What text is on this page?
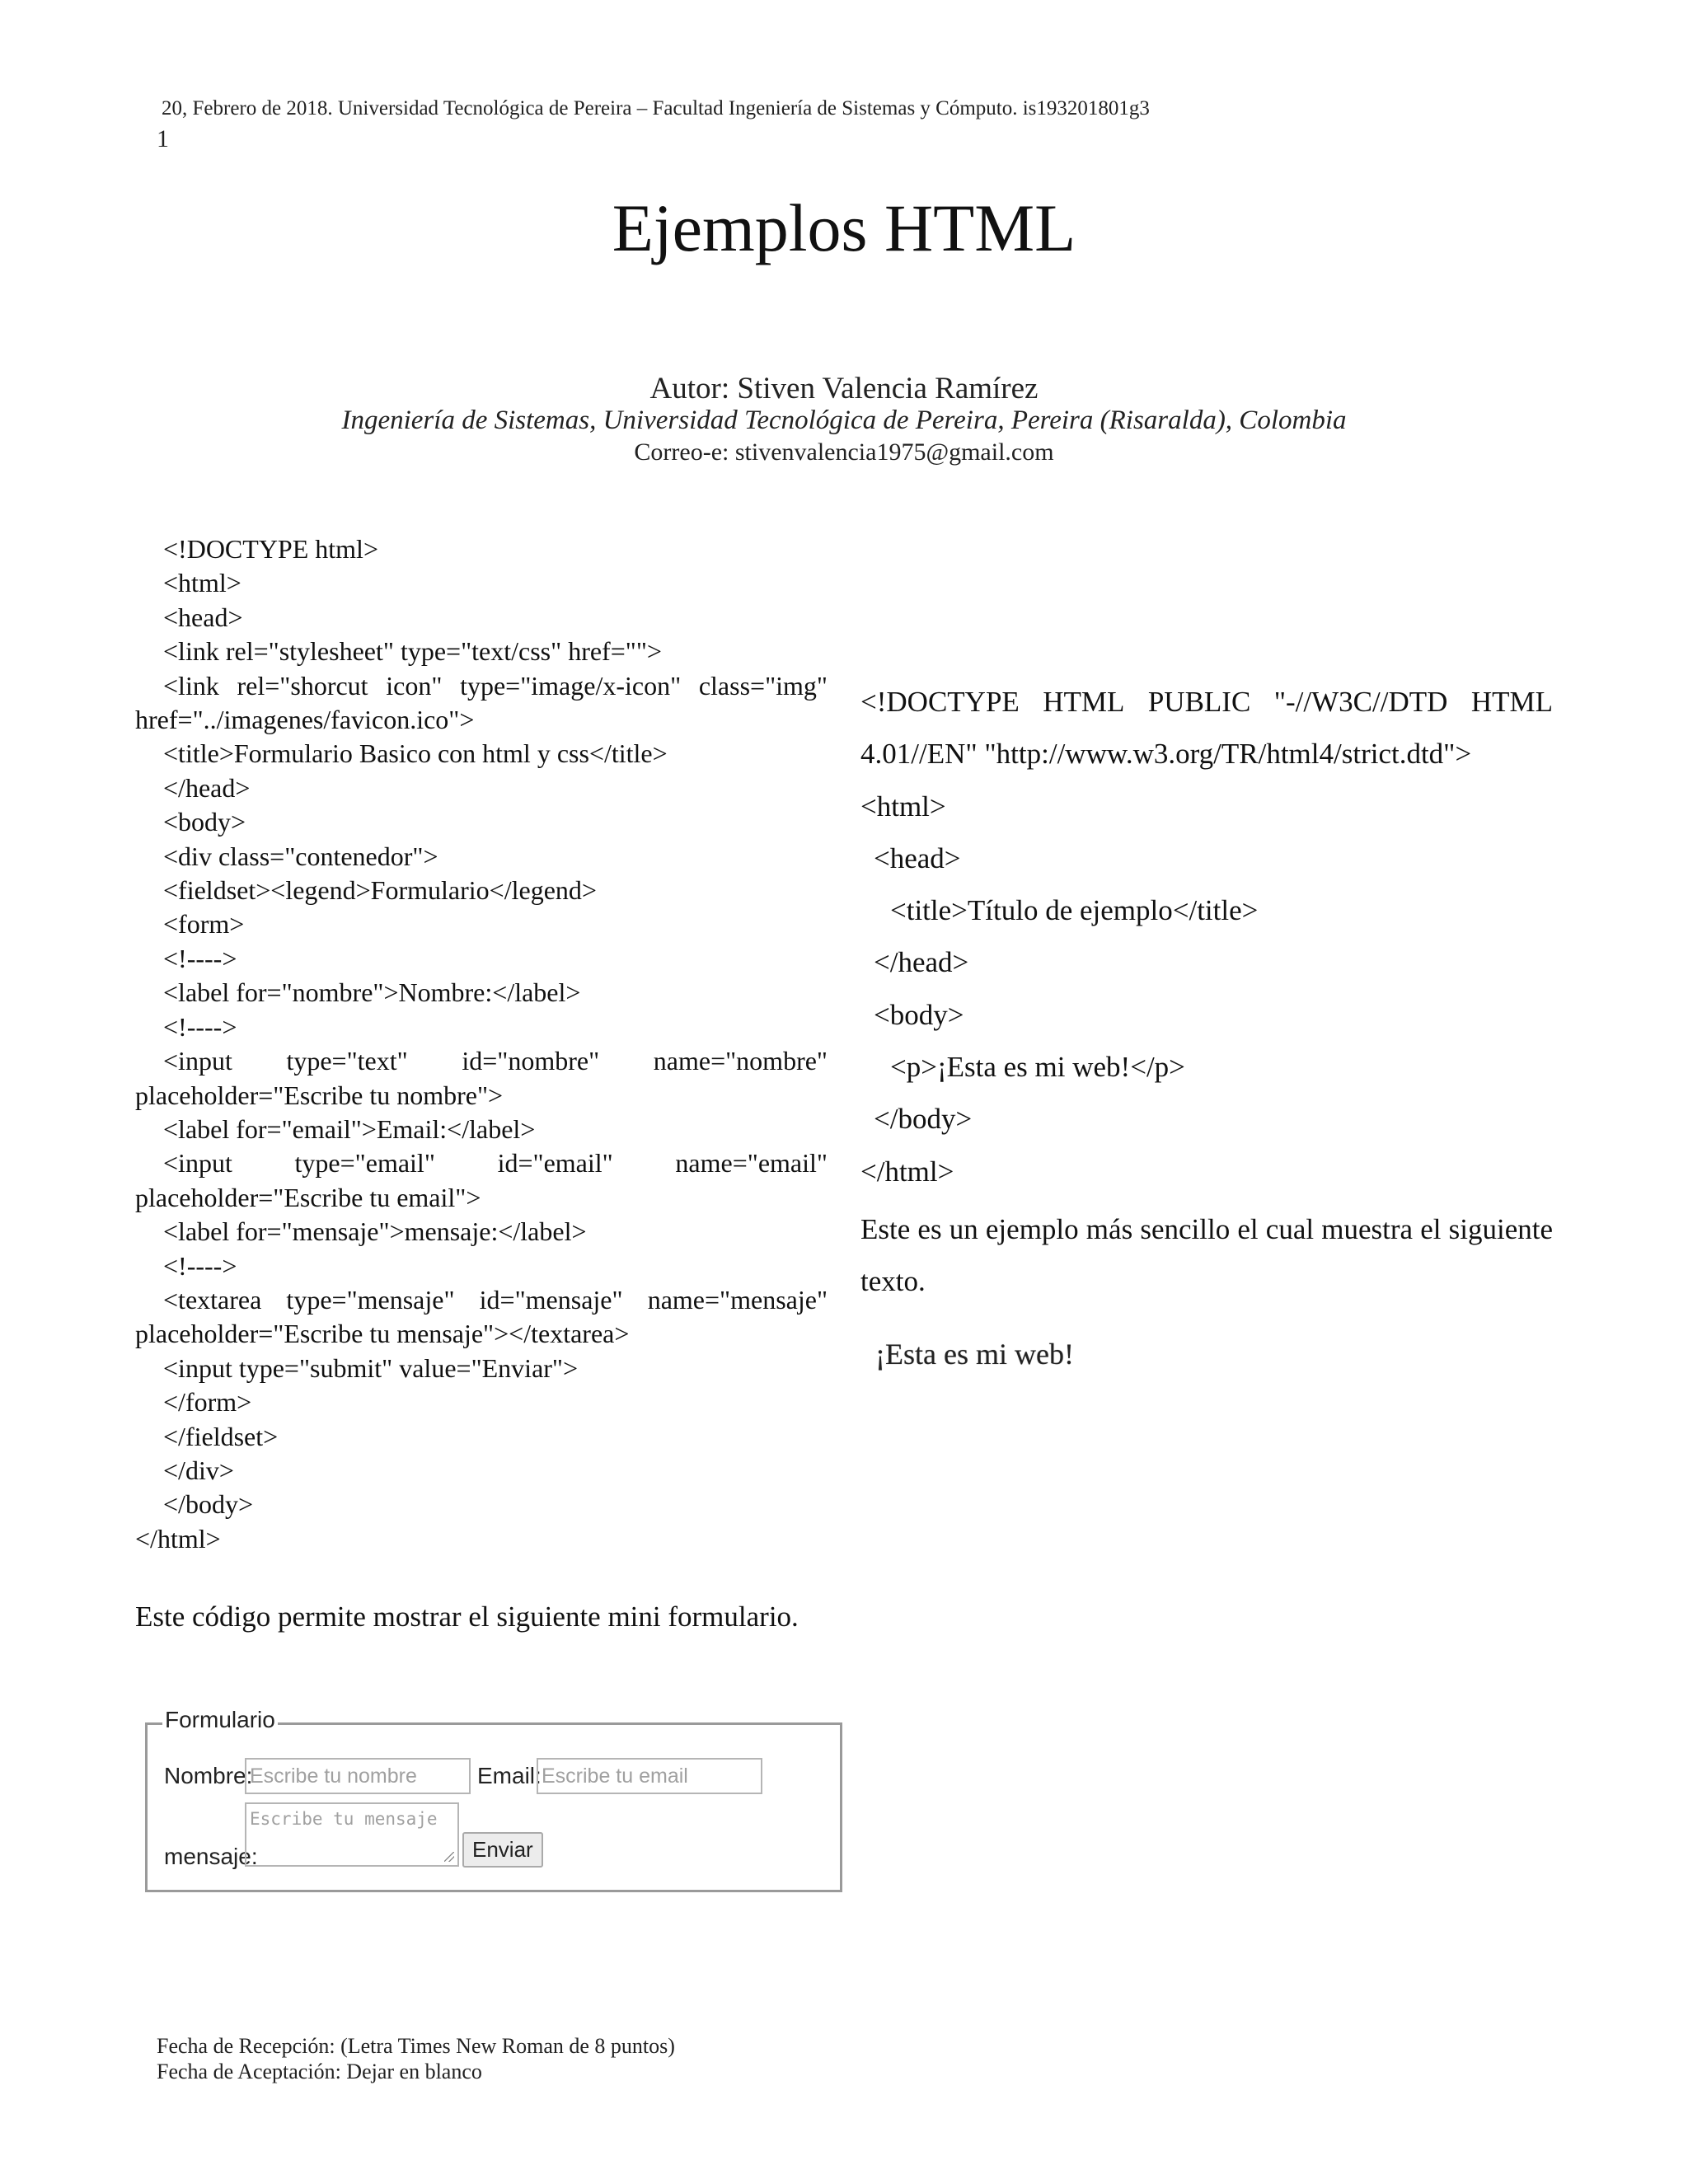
20, Febrero de 2018. Universidad Tecnológica de Pereira – Facultad Ingeniería de Sistemas y Cómputo. is193201801g3
1
Ejemplos HTML
Autor: Stiven Valencia Ramírez
Ingeniería de Sistemas, Universidad Tecnológica de Pereira, Pereira (Risaralda), Colombia
Correo-e: stivenvalencia1975@gmail.com
<!DOCTYPE html>
<html>
<head>
<link rel="stylesheet" type="text/css" href="">
<link rel="shorcut icon" type="image/x-icon" class="img"
href="../imagenes/favicon.ico">
<title>Formulario Basico con html y css</title>
</head>
<body>
<div class="contenedor">
<fieldset><legend>Formulario</legend>
<form>
<!---->
<label for="nombre">Nombre:</label>
<!---->
<input type="text" id="nombre" name="nombre"
placeholder="Escribe tu nombre">
<label for="email">Email:</label>
<input type="email" id="email" name="email"
placeholder="Escribe tu email">
<label for="mensaje">mensaje:</label>
<!---->
<textarea type="mensaje" id="mensaje" name="mensaje"
placeholder="Escribe tu mensaje"></textarea>
<input type="submit" value="Enviar">
</form>
</fieldset>
</div>
</body>
</html>
Este código permite mostrar el siguiente mini formulario.
Formulario
Nombre:
Escribe tu nombre	Email: Escribe tu email
mensaje:
Escribe tu mensaje
Enviar
<!DOCTYPE HTML PUBLIC "-//W3C//DTD HTML
4.01//EN" "http://www.w3.org/TR/html4/strict.dtd">
<html>
<head>
<title>Título de ejemplo</title>
</head>
<body>
<p>¡Esta es mi web!</p>
</body>
</html>
Este es un ejemplo más sencillo el cual muestra el siguiente texto.
¡Esta es mi web!
Fecha de Recepción: (Letra Times New Roman de 8 puntos)
Fecha de Aceptación: Dejar en blanco
